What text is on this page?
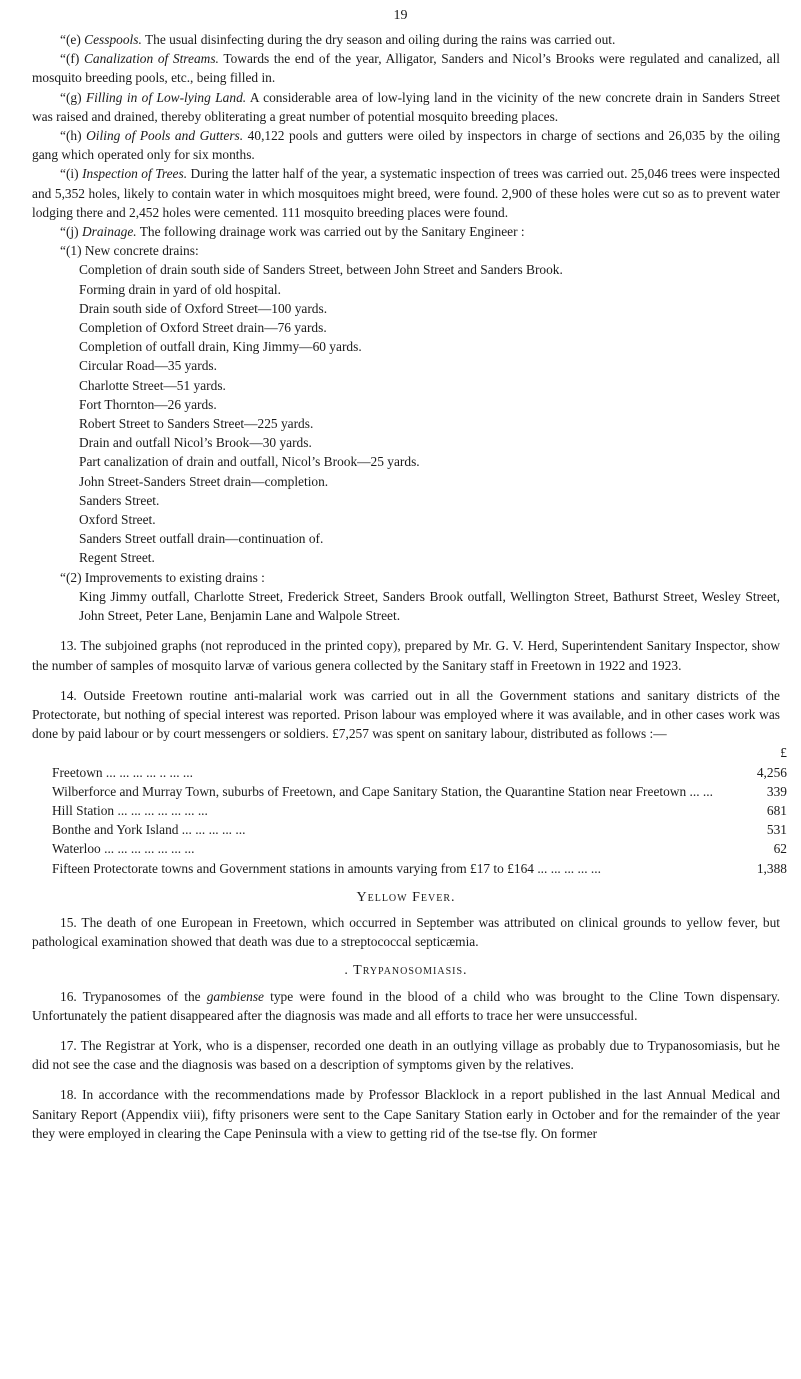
19

“(e) Cesspools. The usual disinfecting during the dry season and oiling during the rains was carried out.

“(f) Canalization of Streams. Towards the end of the year, Alligator, Sanders and Nicol’s Brooks were regulated and canalized, all mosquito breeding pools, etc., being filled in.

“(g) Filling in of Low-lying Land. A considerable area of low-lying land in the vicinity of the new concrete drain in Sanders Street was raised and drained, thereby obliterating a great number of potential mosquito breeding places.

“(h) Oiling of Pools and Gutters. 40,122 pools and gutters were oiled by inspectors in charge of sections and 26,035 by the oiling gang which operated only for six months.

“(i) Inspection of Trees. During the latter half of the year, a systematic inspection of trees was carried out. 25,046 trees were inspected and 5,352 holes, likely to contain water in which mosquitoes might breed, were found. 2,900 of these holes were cut so as to prevent water lodging there and 2,452 holes were cemented. 111 mosquito breeding places were found.

“(j) Drainage. The following drainage work was carried out by the Sanitary Engineer :

“(1) New concrete drains:

Completion of drain south side of Sanders Street, between John Street and Sanders Brook.
Forming drain in yard of old hospital.
Drain south side of Oxford Street—100 yards.
Completion of Oxford Street drain—76 yards.
Completion of outfall drain, King Jimmy—60 yards.
Circular Road—35 yards.
Charlotte Street—51 yards.
Fort Thornton—26 yards.
Robert Street to Sanders Street—225 yards.
Drain and outfall Nicol’s Brook—30 yards.
Part canalization of drain and outfall, Nicol’s Brook—25 yards.
John Street-Sanders Street drain—completion.
Sanders Street.
Oxford Street.
Sanders Street outfall drain—continuation of.
Regent Street.

“(2) Improvements to existing drains :

King Jimmy outfall, Charlotte Street, Frederick Street, Sanders Brook outfall, Wellington Street, Bathurst Street, Wesley Street, John Street, Peter Lane, Benjamin Lane and Walpole Street.

13. The subjoined graphs (not reproduced in the printed copy), prepared by Mr. G. V. Herd, Superintendent Sanitary Inspector, show the number of samples of mosquito larvæ of various genera collected by the Sanitary staff in Freetown in 1922 and 1923.

14. Outside Freetown routine anti-malarial work was carried out in all the Government stations and sanitary districts of the Protectorate, but nothing of special interest was reported. Prison labour was employed where it was available, and in other cases work was done by paid labour or by court messengers or soldiers. £7,257 was spent on sanitary labour, distributed as follows :—

	£
Freetown ... ... ... ... .. ... ...	4,256
Wilberforce and Murray Town, suburbs of Freetown, and Cape Sanitary Station, the Quarantine Station near Freetown ... ...	339
Hill Station ... ... ... ... ... ... ...	681
Bonthe and York Island ... ... ... ... ...	531
Waterloo ... ... ... ... ... ... ...	62
Fifteen Protectorate towns and Government stations in amounts varying from £17 to £164 ... ... ... ... ...	1,388
Yellow Fever.

15. The death of one European in Freetown, which occurred in September was attributed on clinical grounds to yellow fever, but pathological examination showed that death was due to a streptococcal septicæmia.

. Trypanosomiasis.

16. Trypanosomes of the gambiense type were found in the blood of a child who was brought to the Cline Town dispensary. Unfortunately the patient disappeared after the diagnosis was made and all efforts to trace her were unsuccessful.

17. The Registrar at York, who is a dispenser, recorded one death in an outlying village as probably due to Trypanosomiasis, but he did not see the case and the diagnosis was based on a description of symptoms given by the relatives.

18. In accordance with the recommendations made by Professor Blacklock in a report published in the last Annual Medical and Sanitary Report (Appendix viii), fifty prisoners were sent to the Cape Sanitary Station early in October and for the remainder of the year they were employed in clearing the Cape Peninsula with a view to getting rid of the tse-tse fly. On former
